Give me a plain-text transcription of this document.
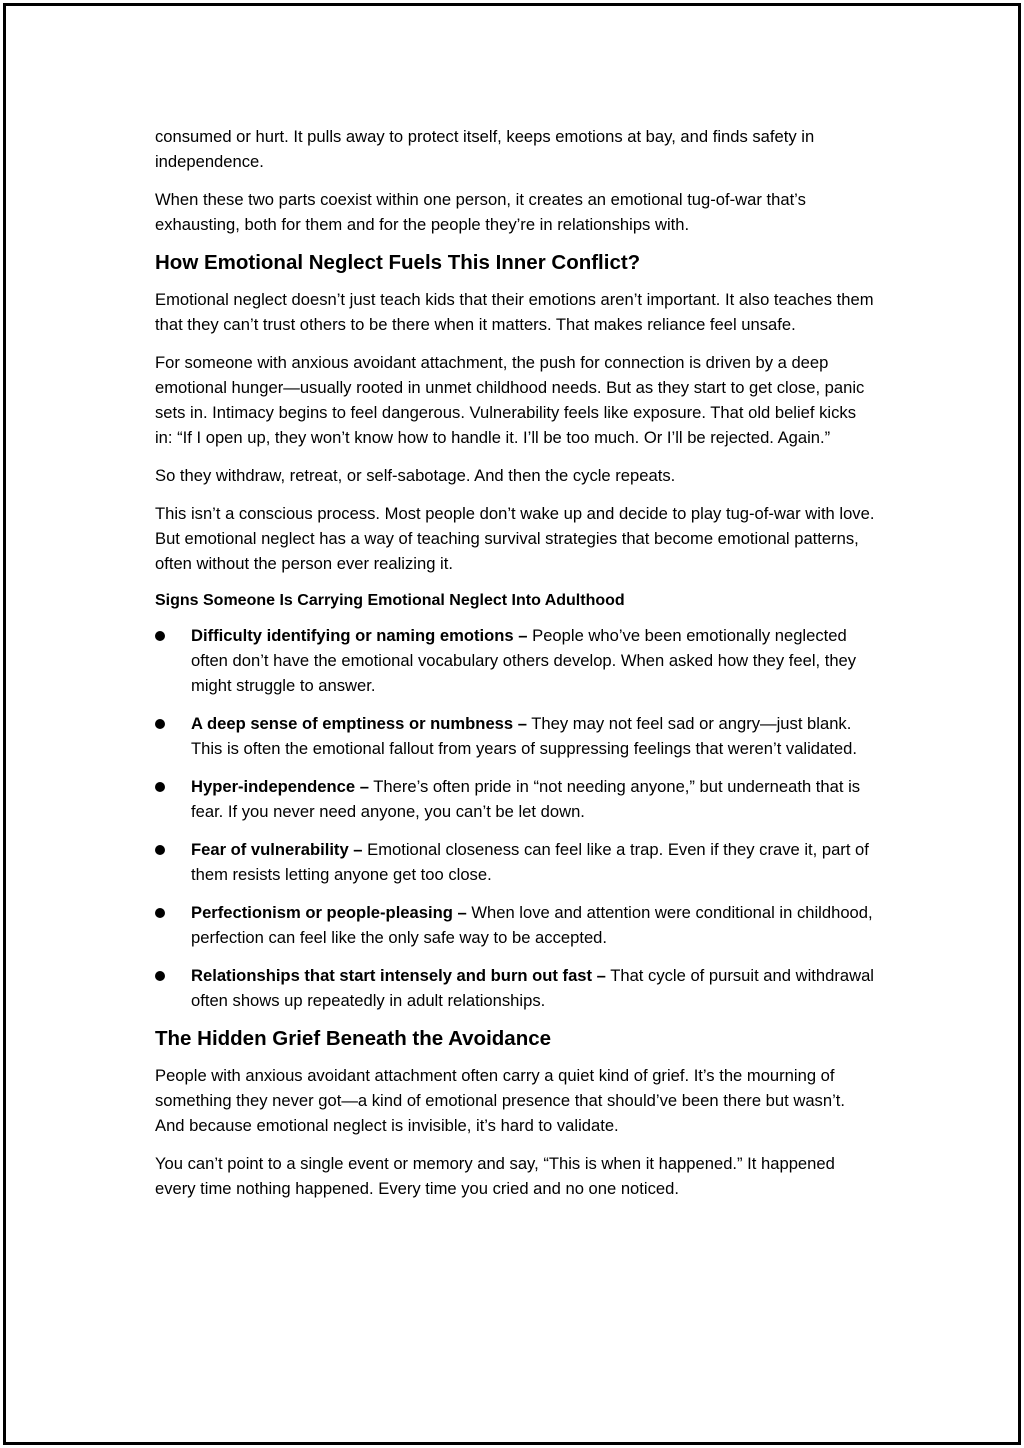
consumed or hurt. It pulls away to protect itself, keeps emotions at bay, and finds safety in independence.

When these two parts coexist within one person, it creates an emotional tug-of-war that’s exhausting, both for them and for the people they’re in relationships with.

How Emotional Neglect Fuels This Inner Conflict?

Emotional neglect doesn’t just teach kids that their emotions aren’t important. It also teaches them that they can’t trust others to be there when it matters. That makes reliance feel unsafe.

For someone with anxious avoidant attachment, the push for connection is driven by a deep emotional hunger—usually rooted in unmet childhood needs. But as they start to get close, panic sets in. Intimacy begins to feel dangerous. Vulnerability feels like exposure. That old belief kicks in: “If I open up, they won’t know how to handle it. I’ll be too much. Or I’ll be rejected. Again.”

So they withdraw, retreat, or self-sabotage. And then the cycle repeats.

This isn’t a conscious process. Most people don’t wake up and decide to play tug-of-war with love. But emotional neglect has a way of teaching survival strategies that become emotional patterns, often without the person ever realizing it.

Signs Someone Is Carrying Emotional Neglect Into Adulthood
Difficulty identifying or naming emotions – People who’ve been emotionally neglected often don’t have the emotional vocabulary others develop. When asked how they feel, they might struggle to answer.
A deep sense of emptiness or numbness – They may not feel sad or angry—just blank. This is often the emotional fallout from years of suppressing feelings that weren’t validated.
Hyper-independence – There’s often pride in “not needing anyone,” but underneath that is fear. If you never need anyone, you can’t be let down.
Fear of vulnerability – Emotional closeness can feel like a trap. Even if they crave it, part of them resists letting anyone get too close.
Perfectionism or people-pleasing – When love and attention were conditional in childhood, perfection can feel like the only safe way to be accepted.
Relationships that start intensely and burn out fast – That cycle of pursuit and withdrawal often shows up repeatedly in adult relationships.
The Hidden Grief Beneath the Avoidance

People with anxious avoidant attachment often carry a quiet kind of grief. It’s the mourning of something they never got—a kind of emotional presence that should’ve been there but wasn’t. And because emotional neglect is invisible, it’s hard to validate.

You can’t point to a single event or memory and say, “This is when it happened.” It happened every time nothing happened. Every time you cried and no one noticed.
